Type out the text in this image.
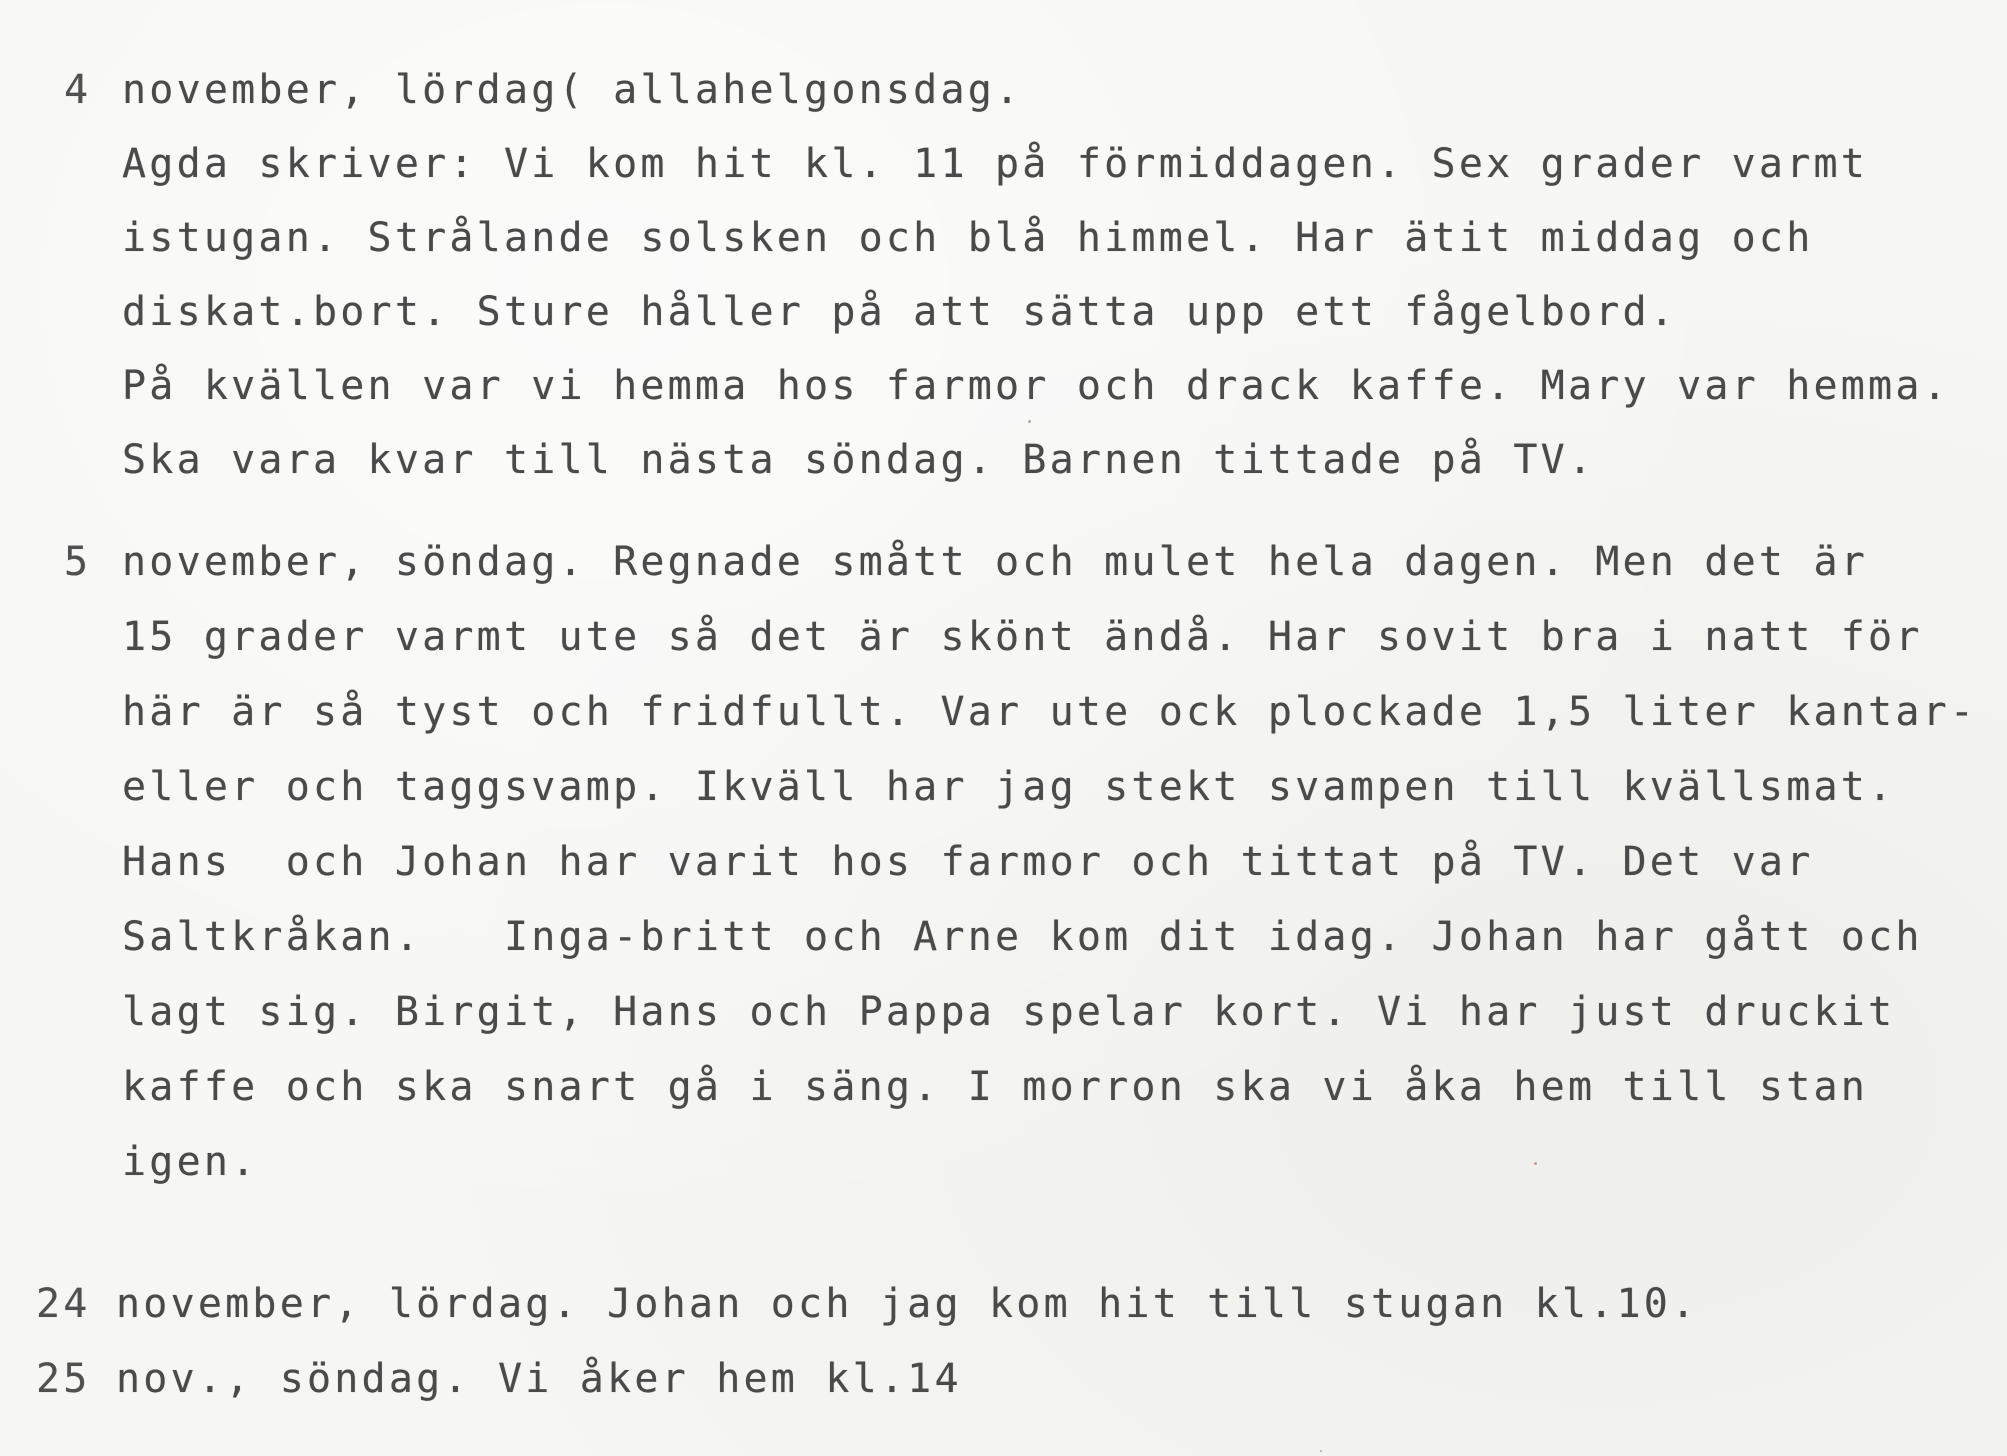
4 november, lördag( allahelgonsdag.
Agda skriver: Vi kom hit kl. 11 på förmiddagen. Sex grader varmt
istugan. Strålande solsken och blå himmel. Har ätit middag och
diskat.bort. Sture håller på att sätta upp ett fågelbord.
På kvällen var vi hemma hos farmor och drack kaffe. Mary var hemma.
Ska vara kvar till nästa söndag. Barnen tittade på TV.
5 november, söndag. Regnade smått och mulet hela dagen. Men det är
15 grader varmt ute så det är skönt ändå. Har sovit bra i natt för
här är så tyst och fridfullt. Var ute ock plockade 1,5 liter kantar-
eller och taggsvamp. Ikväll har jag stekt svampen till kvällsmat.
Hans  och Johan har varit hos farmor och tittat på TV. Det var
Saltkråkan.   Inga-britt och Arne kom dit idag. Johan har gått och
lagt sig. Birgit, Hans och Pappa spelar kort. Vi har just druckit
kaffe och ska snart gå i säng. I morron ska vi åka hem till stan
igen.
24 november, lördag. Johan och jag kom hit till stugan kl.10.
25 nov., söndag. Vi åker hem kl.14
